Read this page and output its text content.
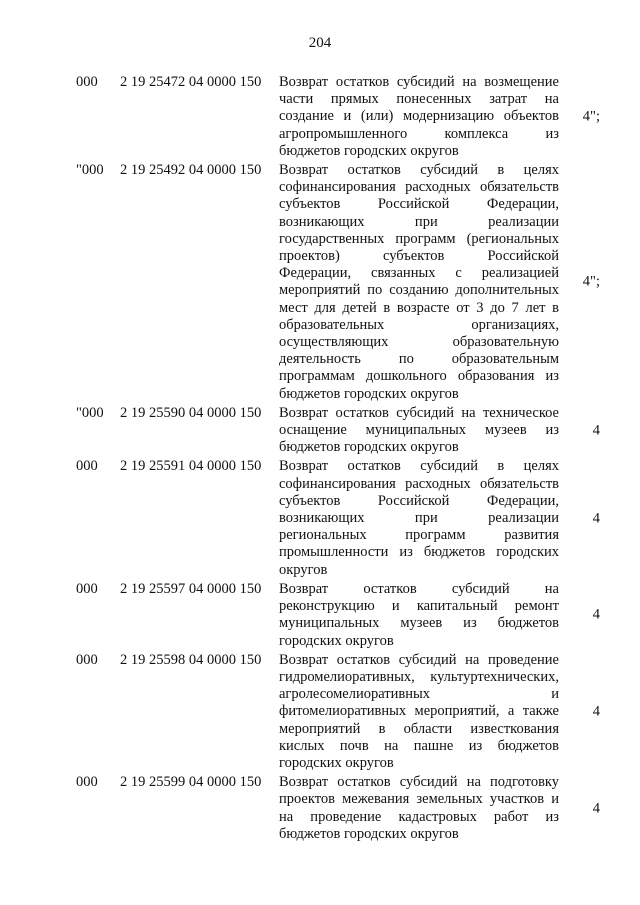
204
000 2 19 25472 04 0000 150 Возврат остатков субсидий на возмещение
части прямых понесенных затрат на
создание и (или) модернизацию объектов
агропромышленного комплекса из
бюджетов городских округов
4";
"000 2 19 25492 04 0000 150 Возврат остатков субсидий в целях
софинансирования расходных обязательств
субъектов Российской Федерации,
возникающих при реализации
государственных программ (региональных
проектов) субъектов Российской
Федерации, связанных с реализацией
мероприятий по созданию дополнительных
мест для детей в возрасте от 3 до 7 лет в
образовательных организациях,
осуществляющих образовательную
деятельность по образовательным
программам дошкольного образования из
бюджетов городских округов
4";
"000 2 19 25590 04 0000 150 Возврат остатков субсидий на техническое
оснащение муниципальных музеев из
бюджетов городских округов
4
000 2 19 25591 04 0000 150 Возврат остатков субсидий в целях
софинансирования расходных обязательств
субъектов Российской Федерации,
возникающих при реализации
региональных программ развития
промышленности из бюджетов городских
округов
4
000 2 19 25597 04 0000 150 Возврат остатков субсидий на
реконструкцию и капитальный ремонт
муниципальных музеев из бюджетов
городских округов
4
000 2 19 25598 04 0000 150 Возврат остатков субсидий на проведение
гидромелиоративных, культуртехнических,
агролесомелиоративных и
фитомелиоративных мероприятий, а также
мероприятий в области известкования
кислых почв на пашне из бюджетов
городских округов
4
000 2 19 25599 04 0000 150 Возврат остатков субсидий на подготовку
проектов межевания земельных участков и
на проведение кадастровых работ из
бюджетов городских округов
4
